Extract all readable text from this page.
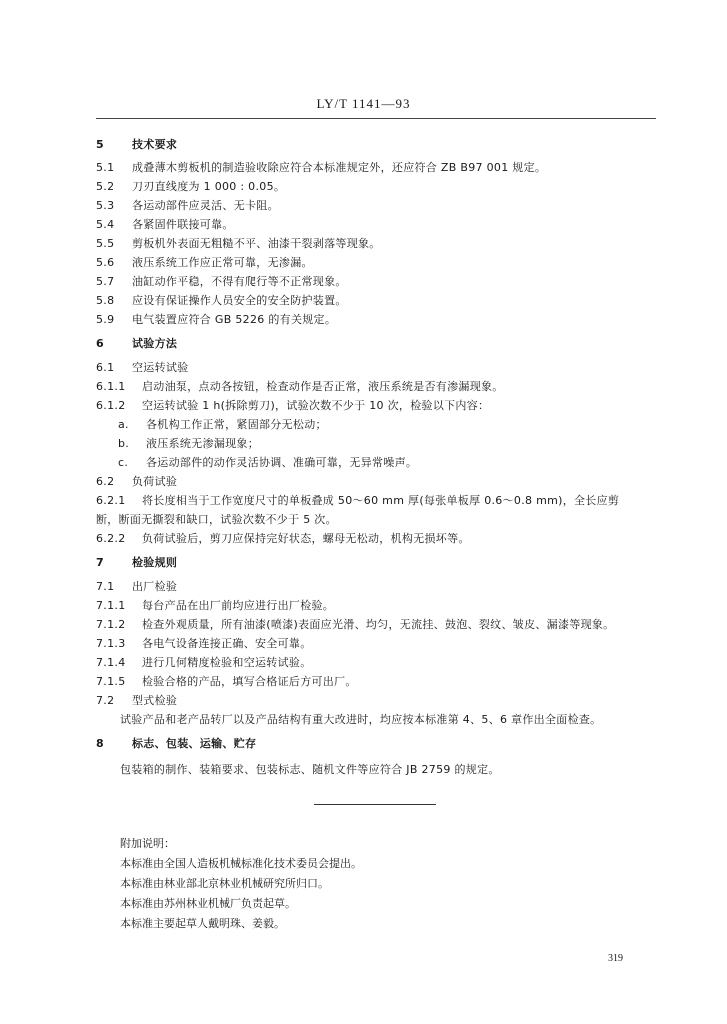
LY/T 1141—93
5	技术要求
5.1 成叠薄木剪板机的制造验收除应符合本标准规定外，还应符合 ZB B97 001 规定。
5.2 刀刃直线度为 1 000 : 0.05。
5.3 各运动部件应灵活、无卡阻。
5.4 各紧固件联接可靠。
5.5 剪板机外表面无粗糙不平、油漆干裂剥落等现象。
5.6 液压系统工作应正常可靠，无渗漏。
5.7 油缸动作平稳，不得有爬行等不正常现象。
5.8 应设有保证操作人员安全的安全防护装置。
5.9 电气装置应符合 GB 5226 的有关规定。
6	试验方法
6.1 空运转试验
6.1.1 启动油泵，点动各按钮，检查动作是否正常，液压系统是否有渗漏现象。
6.1.2 空运转试验 1 h(拆除剪刀)，试验次数不少于 10 次，检验以下内容：
a. 各机构工作正常，紧固部分无松动；
b. 液压系统无渗漏现象；
c. 各运动部件的动作灵活协调、准确可靠，无异常噪声。
6.2 负荷试验
6.2.1 将长度相当于工作宽度尺寸的单板叠成 50～60 mm 厚(每张单板厚 0.6～0.8 mm)，全长应剪
断，断面无撕裂和缺口，试验次数不少于 5 次。
6.2.2 负荷试验后，剪刀应保持完好状态，螺母无松动，机构无损坏等。
7	检验规则
7.1 出厂检验
7.1.1 每台产品在出厂前均应进行出厂检验。
7.1.2 检查外观质量，所有油漆(喷漆)表面应光滑、均匀，无流挂、鼓泡、裂纹、皱皮、漏漆等现象。
7.1.3 各电气设备连接正确、安全可靠。
7.1.4 进行几何精度检验和空运转试验。
7.1.5 检验合格的产品，填写合格证后方可出厂。
7.2 型式检验
试验产品和老产品转厂以及产品结构有重大改进时，均应按本标准第 4、5、6 章作出全面检查。
8	标志、包装、运输、贮存
包装箱的制作、装箱要求、包装标志、随机文件等应符合 JB 2759 的规定。
附加说明：
本标准由全国人造板机械标准化技术委员会提出。
本标准由林业部北京林业机械研究所归口。
本标准由苏州林业机械厂负责起草。
本标准主要起草人戴明珠、姜毅。
319
